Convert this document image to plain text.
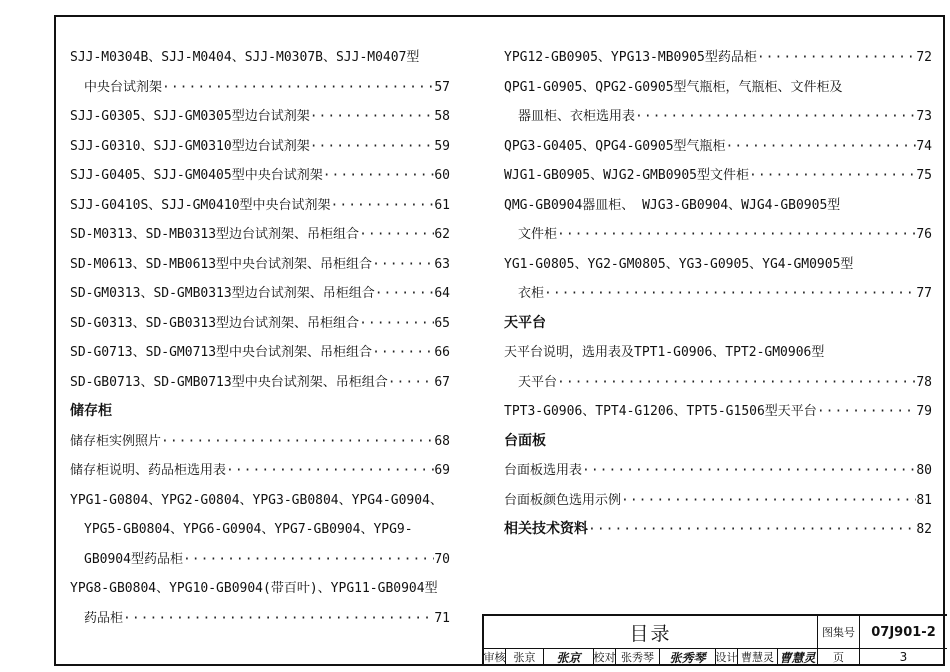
SJJ-M0304B、SJJ-M0404、SJJ-M0307B、SJJ-M0407型
中央台试剂架 ·····	57
SJJ-G0305、SJJ-GM0305型边台试剂架 ·····	58
SJJ-G0310、SJJ-GM0310型边台试剂架 ·····	59
SJJ-G0405、SJJ-GM0405型中央台试剂架 ·····	60
SJJ-G0410S、SJJ-GM0410型中央台试剂架 ·····	61
SD-M0313、SD-MB0313型边台试剂架、吊柜组合 ·····	62
SD-M0613、SD-MB0613型中央台试剂架、吊柜组合 ·····	63
SD-GM0313、SD-GMB0313型边台试剂架、吊柜组合 ·····	64
SD-G0313、SD-GB0313型边台试剂架、吊柜组合 ·····	65
SD-G0713、SD-GM0713型中央台试剂架、吊柜组合 ·····	66
SD-GB0713、SD-GMB0713型中央台试剂架、吊柜组合 ·····	67
储存柜
储存柜实例照片 ·····	68
储存柜说明、药品柜选用表 ·····	69
YPG1-G0804、YPG2-G0804、YPG3-GB0804、YPG4-G0904、
YPG5-GB0804、YPG6-G0904、YPG7-GB0904、YPG9-
GB0904型药品柜 ·····	70
YPG8-GB0804、YPG10-GB0904(带百叶)、YPG11-GB0904型
药品柜 ·····	71
YPG12-GB0905、YPG13-MB0905型药品柜 ·····	72
QPG1-G0905、QPG2-G0905型气瓶柜，气瓶柜、文件柜及
器皿柜、衣柜选用表 ·····	73
QPG3-G0405、QPG4-G0905型气瓶柜 ·····	74
WJG1-GB0905、WJG2-GMB0905型文件柜 ·····	75
QMG-GB0904器皿柜、 WJG3-GB0904、WJG4-GB0905型
文件柜 ·····	76
YG1-G0805、YG2-GM0805、YG3-G0905、YG4-GM0905型
衣柜 ·····	77
天平台
天平台说明，选用表及TPT1-G0906、TPT2-GM0906型
天平台 ·····	78
TPT3-G0906、TPT4-G1206、TPT5-G1506型天平台 ·····	79
台面板
台面板选用表 ·····	80
台面板颜色选用示例 ·····	81
相关技术资料 ·····	82
目录	图集号	07J901-2
审核 张京	张京	校对 张秀琴	张秀琴 设计 曹慧灵 曹慧灵	页	3
